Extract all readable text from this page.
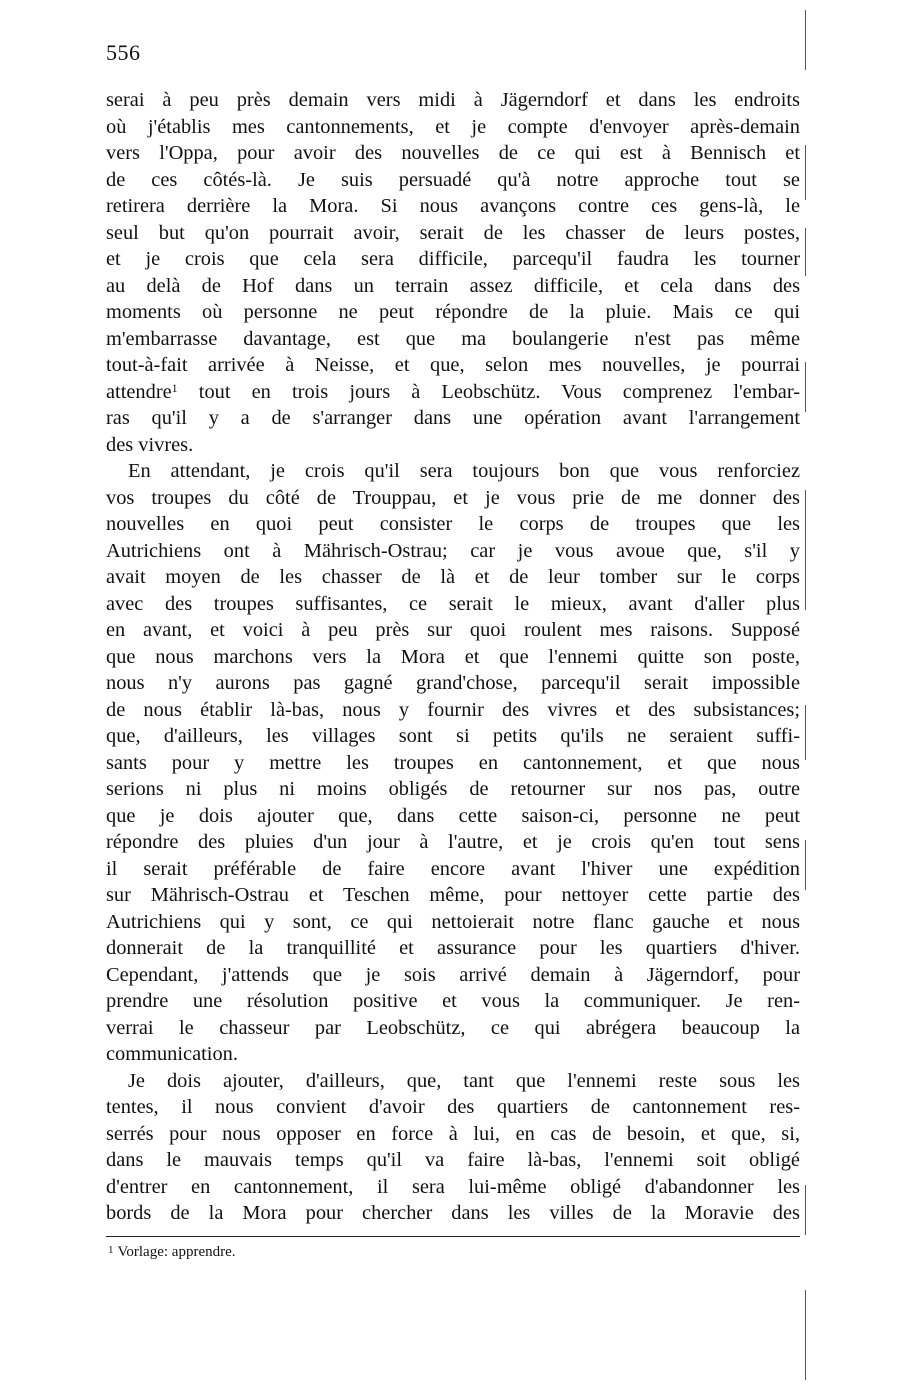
556
serai à peu près demain vers midi à Jägerndorf et dans les endroits
où j'établis mes cantonnements, et je compte d'envoyer après-demain
vers l'Oppa, pour avoir des nouvelles de ce qui est à Bennisch et
de ces côtés-là. Je suis persuadé qu'à notre approche tout se
retirera derrière la Mora. Si nous avançons contre ces gens-là, le
seul but qu'on pourrait avoir, serait de les chasser de leurs postes,
et je crois que cela sera difficile, parcequ'il faudra les tourner
au delà de Hof dans un terrain assez difficile, et cela dans des
moments où personne ne peut répondre de la pluie. Mais ce qui
m'embarrasse davantage, est que ma boulangerie n'est pas même
tout-à-fait arrivée à Neisse, et que, selon mes nouvelles, je pourrai
attendre$^1$ tout en trois jours à Leobschütz. Vous comprenez l'embar-
ras qu'il y a de s'arranger dans une opération avant l'arrangement
des vivres.
En attendant, je crois qu'il sera toujours bon que vous renforciez
vos troupes du côté de Trouppau, et je vous prie de me donner des
nouvelles en quoi peut consister le corps de troupes que les
Autrichiens ont à Mährisch-Ostrau; car je vous avoue que, s'il y
avait moyen de les chasser de là et de leur tomber sur le corps
avec des troupes suffisantes, ce serait le mieux, avant d'aller plus
en avant, et voici à peu près sur quoi roulent mes raisons. Supposé
que nous marchons vers la Mora et que l'ennemi quitte son poste,
nous n'y aurons pas gagné grand'chose, parcequ'il serait impossible
de nous établir là-bas, nous y fournir des vivres et des subsistances;
que, d'ailleurs, les villages sont si petits qu'ils ne seraient suffi-
sants pour y mettre les troupes en cantonnement, et que nous
serions ni plus ni moins obligés de retourner sur nos pas, outre
que je dois ajouter que, dans cette saison-ci, personne ne peut
répondre des pluies d'un jour à l'autre, et je crois qu'en tout sens
il serait préférable de faire encore avant l'hiver une expédition
sur Mährisch-Ostrau et Teschen même, pour nettoyer cette partie des
Autrichiens qui y sont, ce qui nettoierait notre flanc gauche et nous
donnerait de la tranquillité et assurance pour les quartiers d'hiver.
Cependant, j'attends que je sois arrivé demain à Jägerndorf, pour
prendre une résolution positive et vous la communiquer. Je ren-
verrai le chasseur par Leobschütz, ce qui abrégera beaucoup la
communication.
Je dois ajouter, d'ailleurs, que, tant que l'ennemi reste sous les
tentes, il nous convient d'avoir des quartiers de cantonnement res-
serrés pour nous opposer en force à lui, en cas de besoin, et que, si,
dans le mauvais temps qu'il va faire là-bas, l'ennemi soit obligé
d'entrer en cantonnement, il sera lui-même obligé d'abandonner les
bords de la Mora pour chercher dans les villes de la Moravie des
$^1$ Vorlage: apprendre.
